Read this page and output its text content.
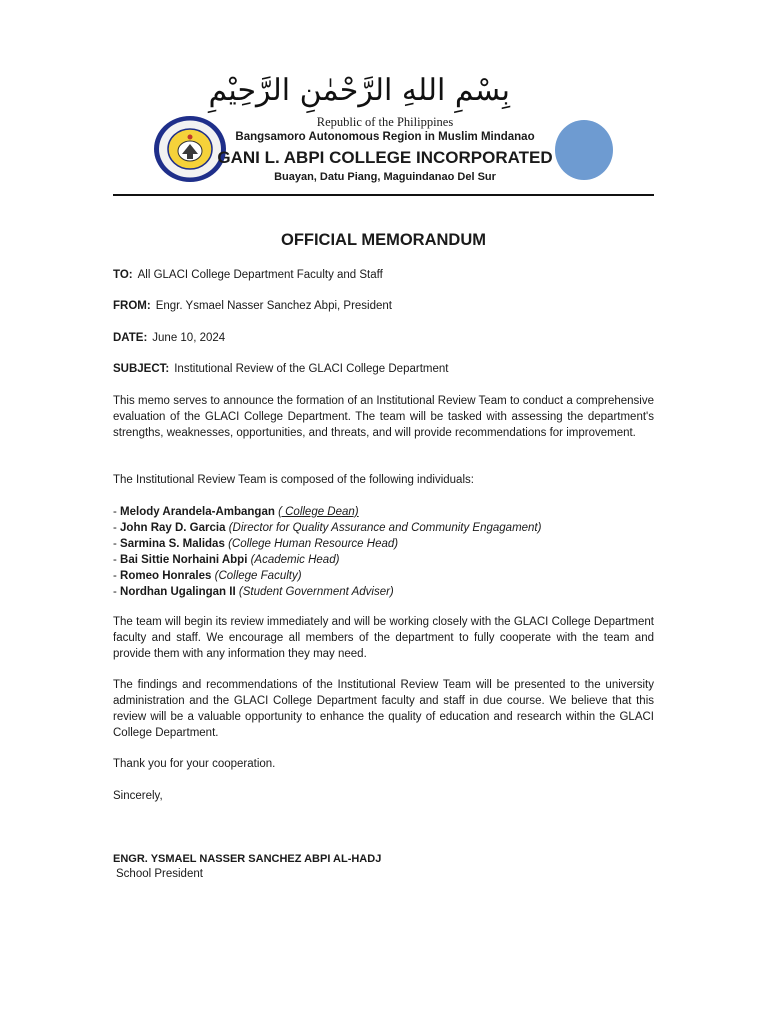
بِسْمِ اللهِ الرَّحْمٰنِ الرَّحِيْمِ
Republic of the Philippines
Bangsamoro Autonomous Region in Muslim Mindanao
GANI L. ABPI COLLEGE INCORPORATED
Buayan, Datu Piang, Maguindanao Del Sur
OFFICIAL MEMORANDUM
TO: All GLACI College Department Faculty and Staff
FROM: Engr. Ysmael Nasser Sanchez Abpi, President
DATE: June 10, 2024
SUBJECT: Institutional Review of the GLACI College Department
This memo serves to announce the formation of an Institutional Review Team to conduct a comprehensive evaluation of the GLACI College Department. The team will be tasked with assessing the department's strengths, weaknesses, opportunities, and threats, and will provide recommendations for improvement.
The Institutional Review Team is composed of the following individuals:
- Melody Arandela-Ambangan ( College Dean)
- John Ray D. Garcia (Director for Quality Assurance and Community Engagament)
- Sarmina S. Malidas (College Human Resource Head)
- Bai Sittie Norhaini Abpi (Academic Head)
- Romeo Honrales (College Faculty)
- Nordhan Ugalingan II (Student Government Adviser)
The team will begin its review immediately and will be working closely with the GLACI College Department faculty and staff. We encourage all members of the department to fully cooperate with the team and provide them with any information they may need.
The findings and recommendations of the Institutional Review Team will be presented to the university administration and the GLACI College Department faculty and staff in due course. We believe that this review will be a valuable opportunity to enhance the quality of education and research within the GLACI College Department.
Thank you for your cooperation.
Sincerely,
ENGR. YSMAEL NASSER SANCHEZ ABPI AL-HADJ
School President
